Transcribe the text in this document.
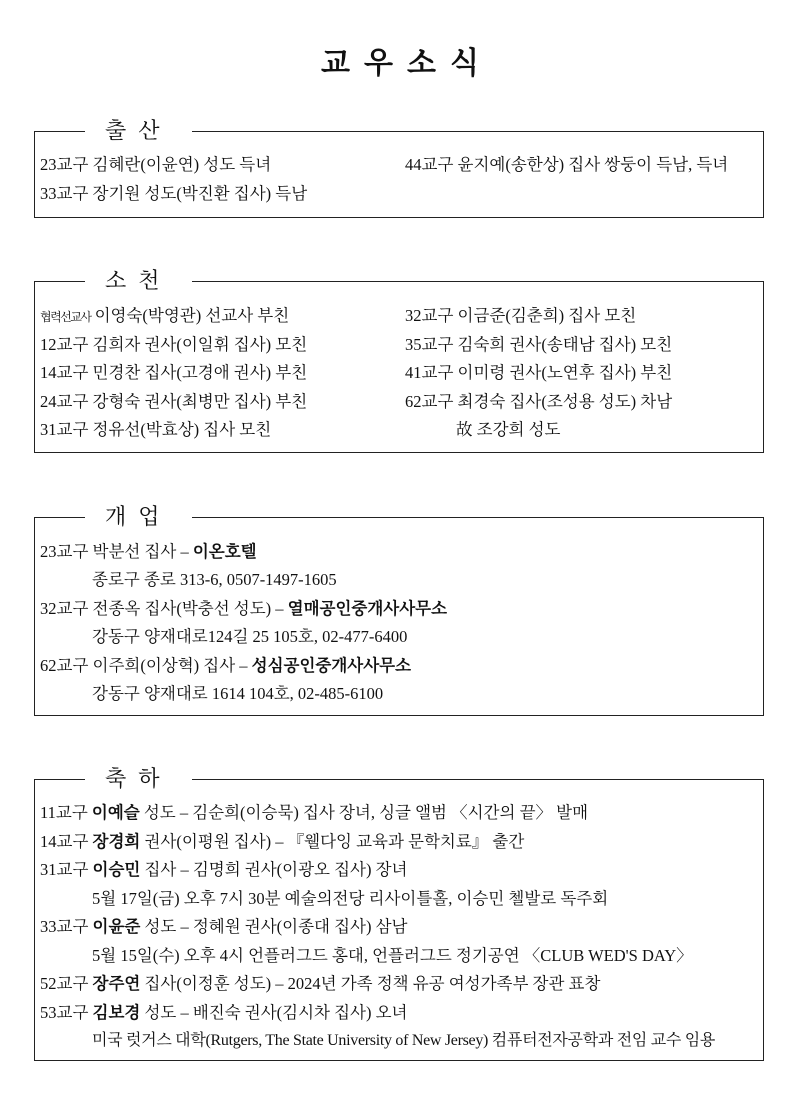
교우소식
출산
23교구 김혜란(이윤연) 성도 득녀
33교구 장기원 성도(박진환 집사) 득남
44교구 윤지예(송한상) 집사 쌍둥이 득남, 득녀
소천
협력선교사 이영숙(박영관) 선교사 부친
12교구 김희자 권사(이일휘 집사) 모친
14교구 민경찬 집사(고경애 권사) 부친
24교구 강형숙 권사(최병만 집사) 부친
31교구 정유선(박효상) 집사 모친
32교구 이금준(김춘희) 집사 모친
35교구 김숙희 권사(송태남 집사) 모친
41교구 이미령 권사(노연후 집사) 부친
62교구 최경숙 집사(조성용 성도) 차남
故 조강희 성도
개업
23교구 박분선 집사 – 이온호텔
종로구 종로 313-6, 0507-1497-1605
32교구 전종옥 집사(박충선 성도) – 열매공인중개사사무소
강동구 양재대로124길 25 105호, 02-477-6400
62교구 이주희(이상혁) 집사 – 성심공인중개사사무소
강동구 양재대로 1614 104호, 02-485-6100
축하
11교구 이예슬 성도 – 김순희(이승묵) 집사 장녀, 싱글 앨범 〈시간의 끝〉 발매
14교구 장경희 권사(이평원 집사) – 『웰다잉 교육과 문학치료』 출간
31교구 이승민 집사 – 김명희 권사(이광오 집사) 장녀
5월 17일(금) 오후 7시 30분 예술의전당 리사이틀홀, 이승민 첼발로 독주회
33교구 이윤준 성도 – 정혜원 권사(이종대 집사) 삼남
5월 15일(수) 오후 4시 언플러그드 홍대, 언플러그드 정기공연 〈CLUB WED'S DAY〉
52교구 장주연 집사(이정훈 성도) – 2024년 가족 정책 유공 여성가족부 장관 표창
53교구 김보경 성도 – 배진숙 권사(김시차 집사) 오녀
미국 럿거스 대학(Rutgers, The State University of New Jersey) 컴퓨터전자공학과 전임 교수 임용
